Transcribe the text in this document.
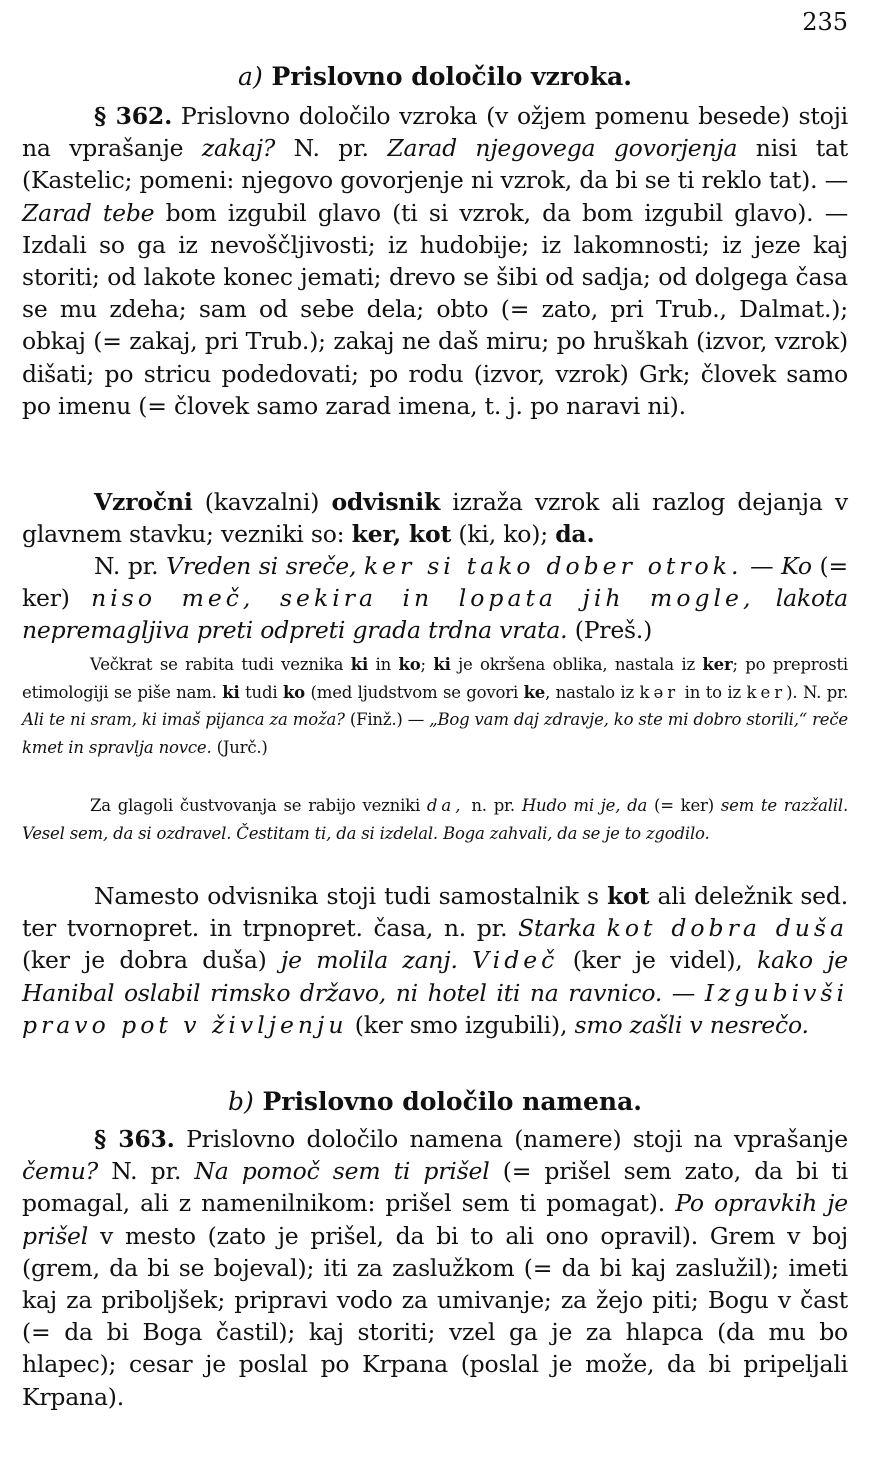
235
a) Prislovno določilo vzroka.

§ 362. Prislovno določilo vzroka (v ožjem pomenu besede) stoji na vprašanje zakaj? N. pr. Zarad njegovega govorjenja nisi tat (Kastelic; pomeni: njegovo govorjenje ni vzrok, da bi se ti reklo tat). — Zarad tebe bom izgubil glavo (ti si vzrok, da bom izgubil glavo). — Izdali so ga iz nevoščljivosti; iz hudobije; iz lakomnosti; iz jeze kaj storiti; od lakote konec jemati; drevo se šibi od sadja; od dolgega časa se mu zdeha; sam od sebe dela; obto (= zato, pri Trub., Dalmat.); obkaj (= zakaj, pri Trub.); zakaj ne daš miru; po hruškah (izvor, vzrok) dišati; po stricu podedovati; po rodu (izvor, vzrok) Grk; človek samo po imenu (= človek samo zarad imena, t. j. po naravi ni).

Vzročni (kavzalni) odvisnik izraža vzrok ali razlog dejanja v glavnem stavku; vezniki so: ker, kot (ki, ko); da.

N. pr. Vreden si sreče, ker si tako dober otrok. — Ko (= ker) niso meč, sekira in lopata jih mogle, lakota nepremagljiva preti odpreti grada trdna vrata. (Preš.)

Večkrat se rabita tudi veznika ki in ko; ki je okršena oblika, nastala iz ker; po preprosti etimologiji se piše nam. ki tudi ko (med ljudstvom se govori ke, nastalo iz kər in to iz ker). N. pr. Ali te ni sram, ki imaš pijanca za moža? (Finž.) — „Bog vam daj zdravje, ko ste mi dobro storili,“ reče kmet in spravlja novce. (Jurč.)

Za glagoli čustvovanja se rabijo vezniki da, n. pr. Hudo mi je, da (= ker) sem te razžalil. Vesel sem, da si ozdravel. Čestitam ti, da si izdelal. Boga zahvali, da se je to zgodilo.

Namesto odvisnika stoji tudi samostalnik s kot ali deležnik sed. ter tvornopret. in trpnopret. časa, n. pr. Starka kot dobra duša (ker je dobra duša) je molila zanj. Videč (ker je videl), kako je Hanibal oslabil rimsko državo, ni hotel iti na ravnico. — Izgubivši pravo pot v življenju (ker smo izgubili), smo zašli v nesrečo.

b) Prislovno določilo namena.

§ 363. Prislovno določilo namena (namere) stoji na vprašanje čemu? N. pr. Na pomoč sem ti prišel (= prišel sem zato, da bi ti pomagal, ali z namenilnikom: prišel sem ti pomagat). Po opravkih je prišel v mesto (zato je prišel, da bi to ali ono opravil). Grem v boj (grem, da bi se bojeval); iti za zaslužkom (= da bi kaj zaslužil); imeti kaj za priboljšek; pripravi vodo za umivanje; za žejo piti; Bogu v čast (= da bi Boga častil); kaj storiti; vzel ga je za hlapca (da mu bo hlapec); cesar je poslal po Krpana (poslal je može, da bi pripeljali Krpana).
